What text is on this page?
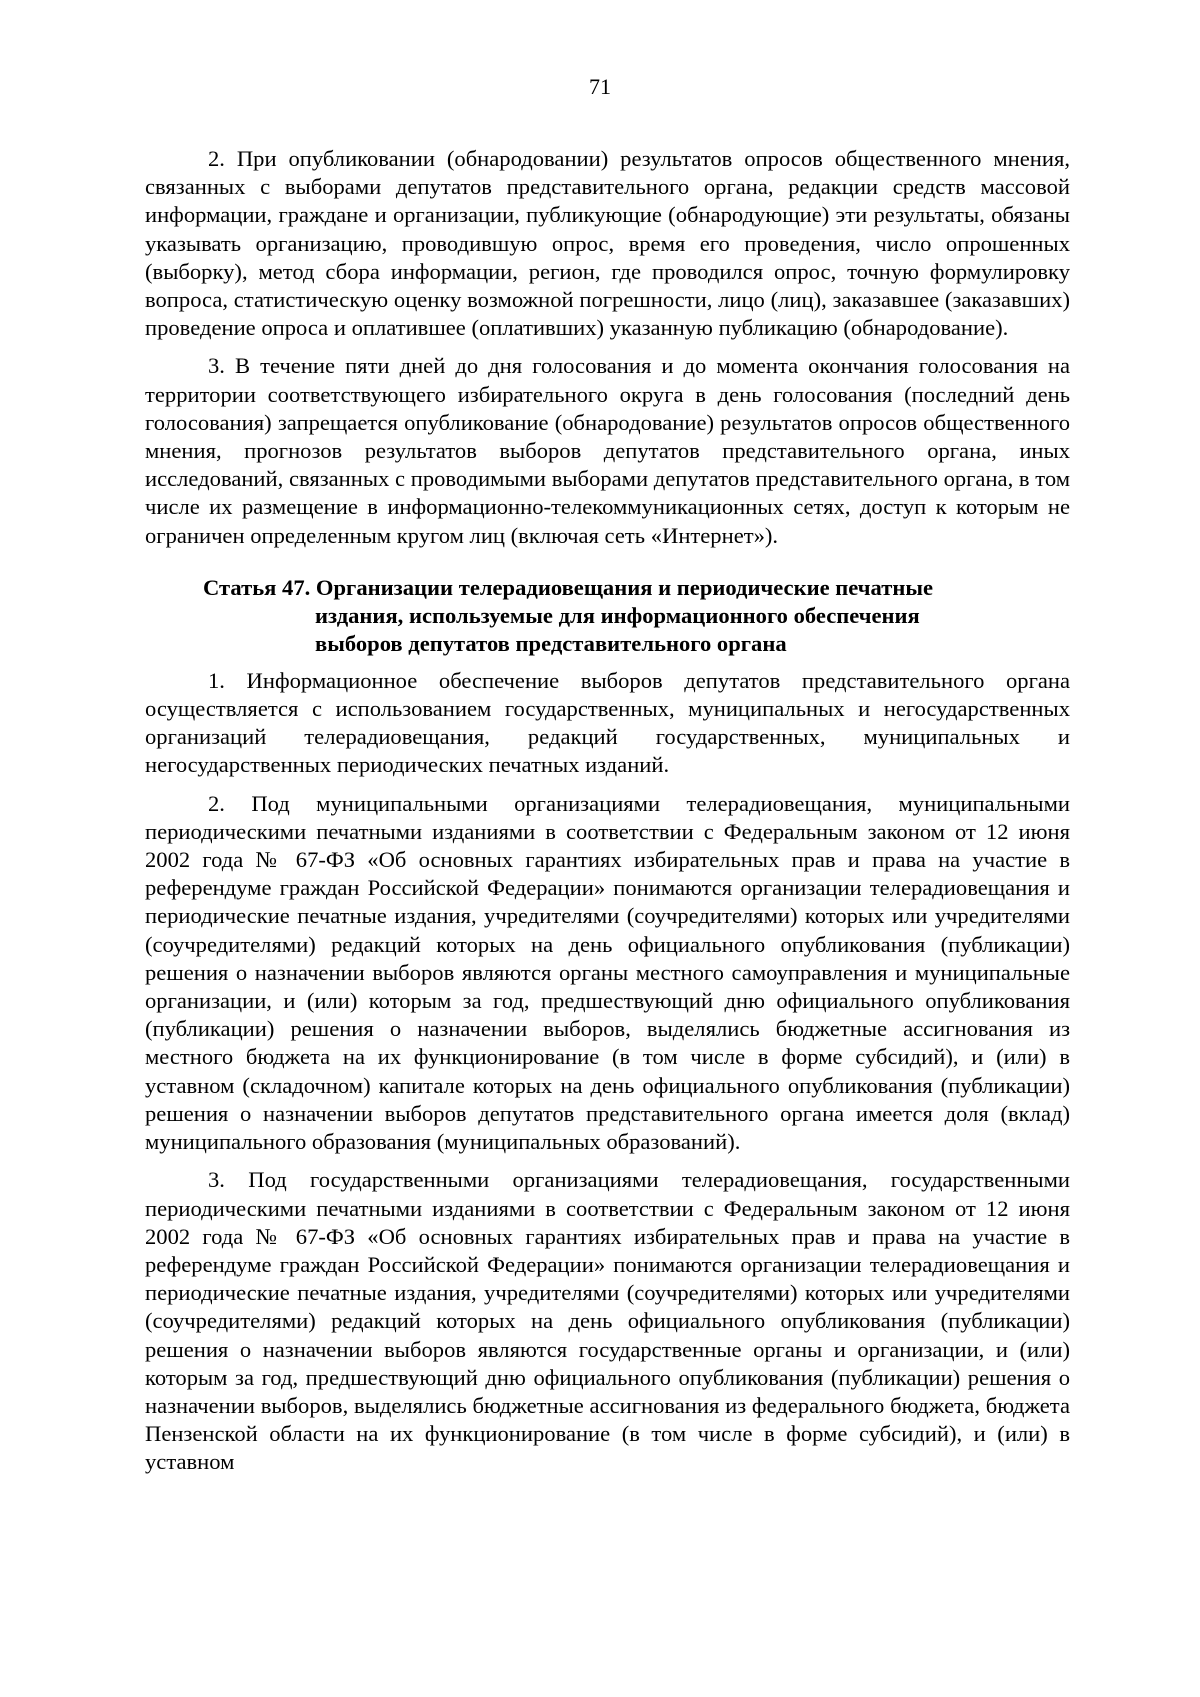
71

2. При опубликовании (обнародовании) результатов опросов общественного мнения, связанных с выборами депутатов представительного органа, редакции средств массовой информации, граждане и организации, публикующие (обнародующие) эти результаты, обязаны указывать организацию, проводившую опрос, время его проведения, число опрошенных (выборку), метод сбора информации, регион, где проводился опрос, точную формулировку вопроса, статистическую оценку возможной погрешности, лицо (лиц), заказавшее (заказавших) проведение опроса и оплатившее (оплативших) указанную публикацию (обнародование).

3. В течение пяти дней до дня голосования и до момента окончания голосования на территории соответствующего избирательного округа в день голосования (последний день голосования) запрещается опубликование (обнародование) результатов опросов общественного мнения, прогнозов результатов выборов депутатов представительного органа, иных исследований, связанных с проводимыми выборами депутатов представительного органа, в том числе их размещение в информационно-телекоммуникационных сетях, доступ к которым не ограничен определенным кругом лиц (включая сеть «Интернет»).

Статья 47. Организации телерадиовещания и периодические печатные
издания, используемые для информационного обеспечения
выборов депутатов представительного органа

1. Информационное обеспечение выборов депутатов представительного органа осуществляется с использованием государственных, муниципальных и негосударственных организаций телерадиовещания, редакций государственных, муниципальных и негосударственных периодических печатных изданий.

2. Под муниципальными организациями телерадиовещания, муниципальными периодическими печатными изданиями в соответствии с Федеральным законом от 12 июня 2002 года № 67-ФЗ «Об основных гарантиях избирательных прав и права на участие в референдуме граждан Российской Федерации» понимаются организации телерадиовещания и периодические печатные издания, учредителями (соучредителями) которых или учредителями (соучредителями) редакций которых на день официального опубликования (публикации) решения о назначении выборов являются органы местного самоуправления и муниципальные организации, и (или) которым за год, предшествующий дню официального опубликования (публикации) решения о назначении выборов, выделялись бюджетные ассигнования из местного бюджета на их функционирование (в том числе в форме субсидий), и (или) в уставном (складочном) капитале которых на день официального опубликования (публикации) решения о назначении выборов депутатов представительного органа имеется доля (вклад) муниципального образования (муниципальных образований).

3. Под государственными организациями телерадиовещания, государственными периодическими печатными изданиями в соответствии с Федеральным законом от 12 июня 2002 года № 67-ФЗ «Об основных гарантиях избирательных прав и права на участие в референдуме граждан Российской Федерации» понимаются организации телерадиовещания и периодические печатные издания, учредителями (соучредителями) которых или учредителями (соучредителями) редакций которых на день официального опубликования (публикации) решения о назначении выборов являются государственные органы и организации, и (или) которым за год, предшествующий дню официального опубликования (публикации) решения о назначении выборов, выделялись бюджетные ассигнования из федерального бюджета, бюджета Пензенской области на их функционирование (в том числе в форме субсидий), и (или) в уставном
